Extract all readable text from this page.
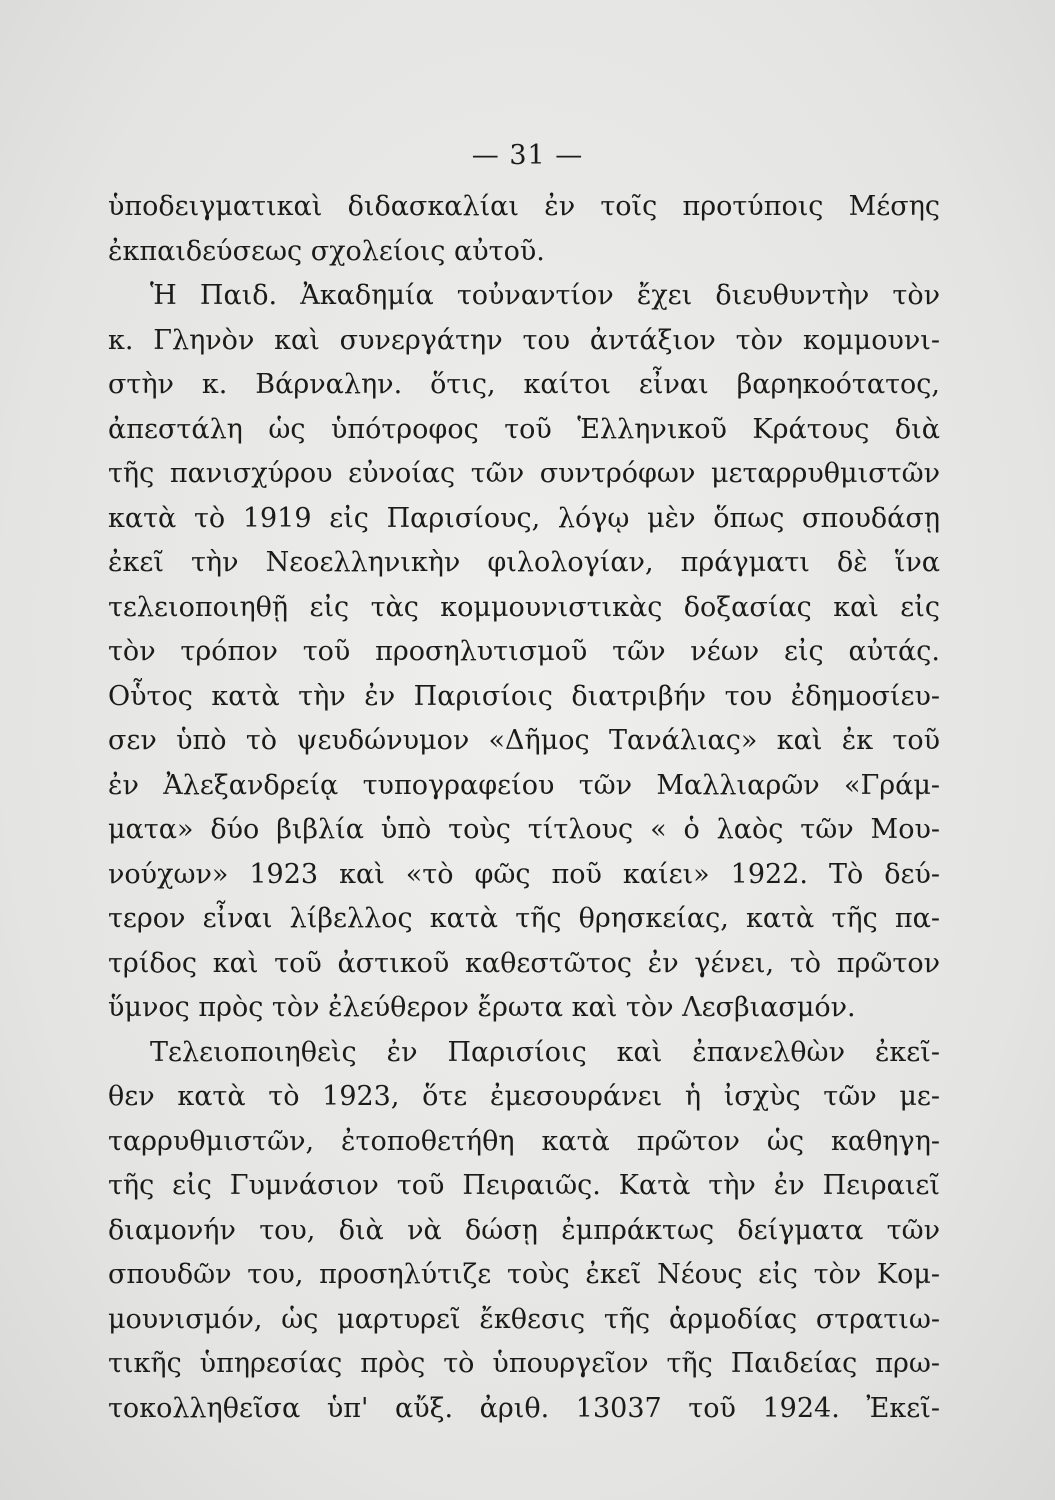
— 31 —
ὑποδειγματικαὶ διδασκαλίαι ἐν τοῖς προτύποις Μέσης
ἐκπαιδεύσεως σχολείοις αὐτοῦ.
Ἡ Παιδ. Ἀκαδημία τοὐναντίον ἔχει διευθυντὴν τὸν
κ. Γληνὸν καὶ συνεργάτην του ἀντάξιον τὸν κομμουνι-
στὴν κ. Βάρναλην. ὅτις, καίτοι εἶναι βαρηκοότατος,
ἀπεστάλη ὡς ὑπότροφος τοῦ Ἑλληνικοῦ Κράτους διὰ
τῆς πανισχύρου εὐνοίας τῶν συντρόφων μεταρρυθμιστῶν
κατὰ τὸ 1919 εἰς Παρισίους, λόγῳ μὲν ὅπως σπουδάσῃ
ἐκεῖ τὴν Νεοελληνικὴν φιλολογίαν, πράγματι δὲ ἵνα
τελειοποιηθῇ εἰς τὰς κομμουνιστικὰς δοξασίας καὶ εἰς
τὸν τρόπον τοῦ προσηλυτισμοῦ τῶν νέων εἰς αὐτάς.
Οὗτος κατὰ τὴν ἐν Παρισίοις διατριβήν του ἐδημοσίευ-
σεν ὑπὸ τὸ ψευδώνυμον «Δῆμος Τανάλιας» καὶ ἐκ τοῦ
ἐν Ἀλεξανδρείᾳ τυπογραφείου τῶν Μαλλιαρῶν «Γράμ-
ματα» δύο βιβλία ὑπὸ τοὺς τίτλους « ὁ λαὸς τῶν Μου-
νούχων» 1923 καὶ «τὸ φῶς ποῦ καίει» 1922. Τὸ δεύ-
τερον εἶναι λίβελλος κατὰ τῆς θρησκείας, κατὰ τῆς πα-
τρίδος καὶ τοῦ ἀστικοῦ καθεστῶτος ἐν γένει, τὸ πρῶτον
ὕμνος πρὸς τὸν ἐλεύθερον ἔρωτα καὶ τὸν Λεσβιασμόν.
Τελειοποιηθεὶς ἐν Παρισίοις καὶ ἐπανελθὼν ἐκεῖ-
θεν κατὰ τὸ 1923, ὅτε ἐμεσουράνει ἡ ἰσχὺς τῶν με-
ταρρυθμιστῶν, ἐτοποθετήθη κατὰ πρῶτον ὡς καθηγη-
τῆς εἰς Γυμνάσιον τοῦ Πειραιῶς. Κατὰ τὴν ἐν Πειραιεῖ
διαμονήν του, διὰ νὰ δώσῃ ἐμπράκτως δείγματα τῶν
σπουδῶν του, προσηλύτιζε τοὺς ἐκεῖ Νέους εἰς τὸν Κομ-
μουνισμόν, ὡς μαρτυρεῖ ἔκθεσις τῆς ἁρμοδίας στρατιω-
τικῆς ὑπηρεσίας πρὸς τὸ ὑπουργεῖον τῆς Παιδείας πρω-
τοκολληθεῖσα ὑπ' αὔξ. ἀριθ. 13037 τοῦ 1924. Ἐκεῖ-
